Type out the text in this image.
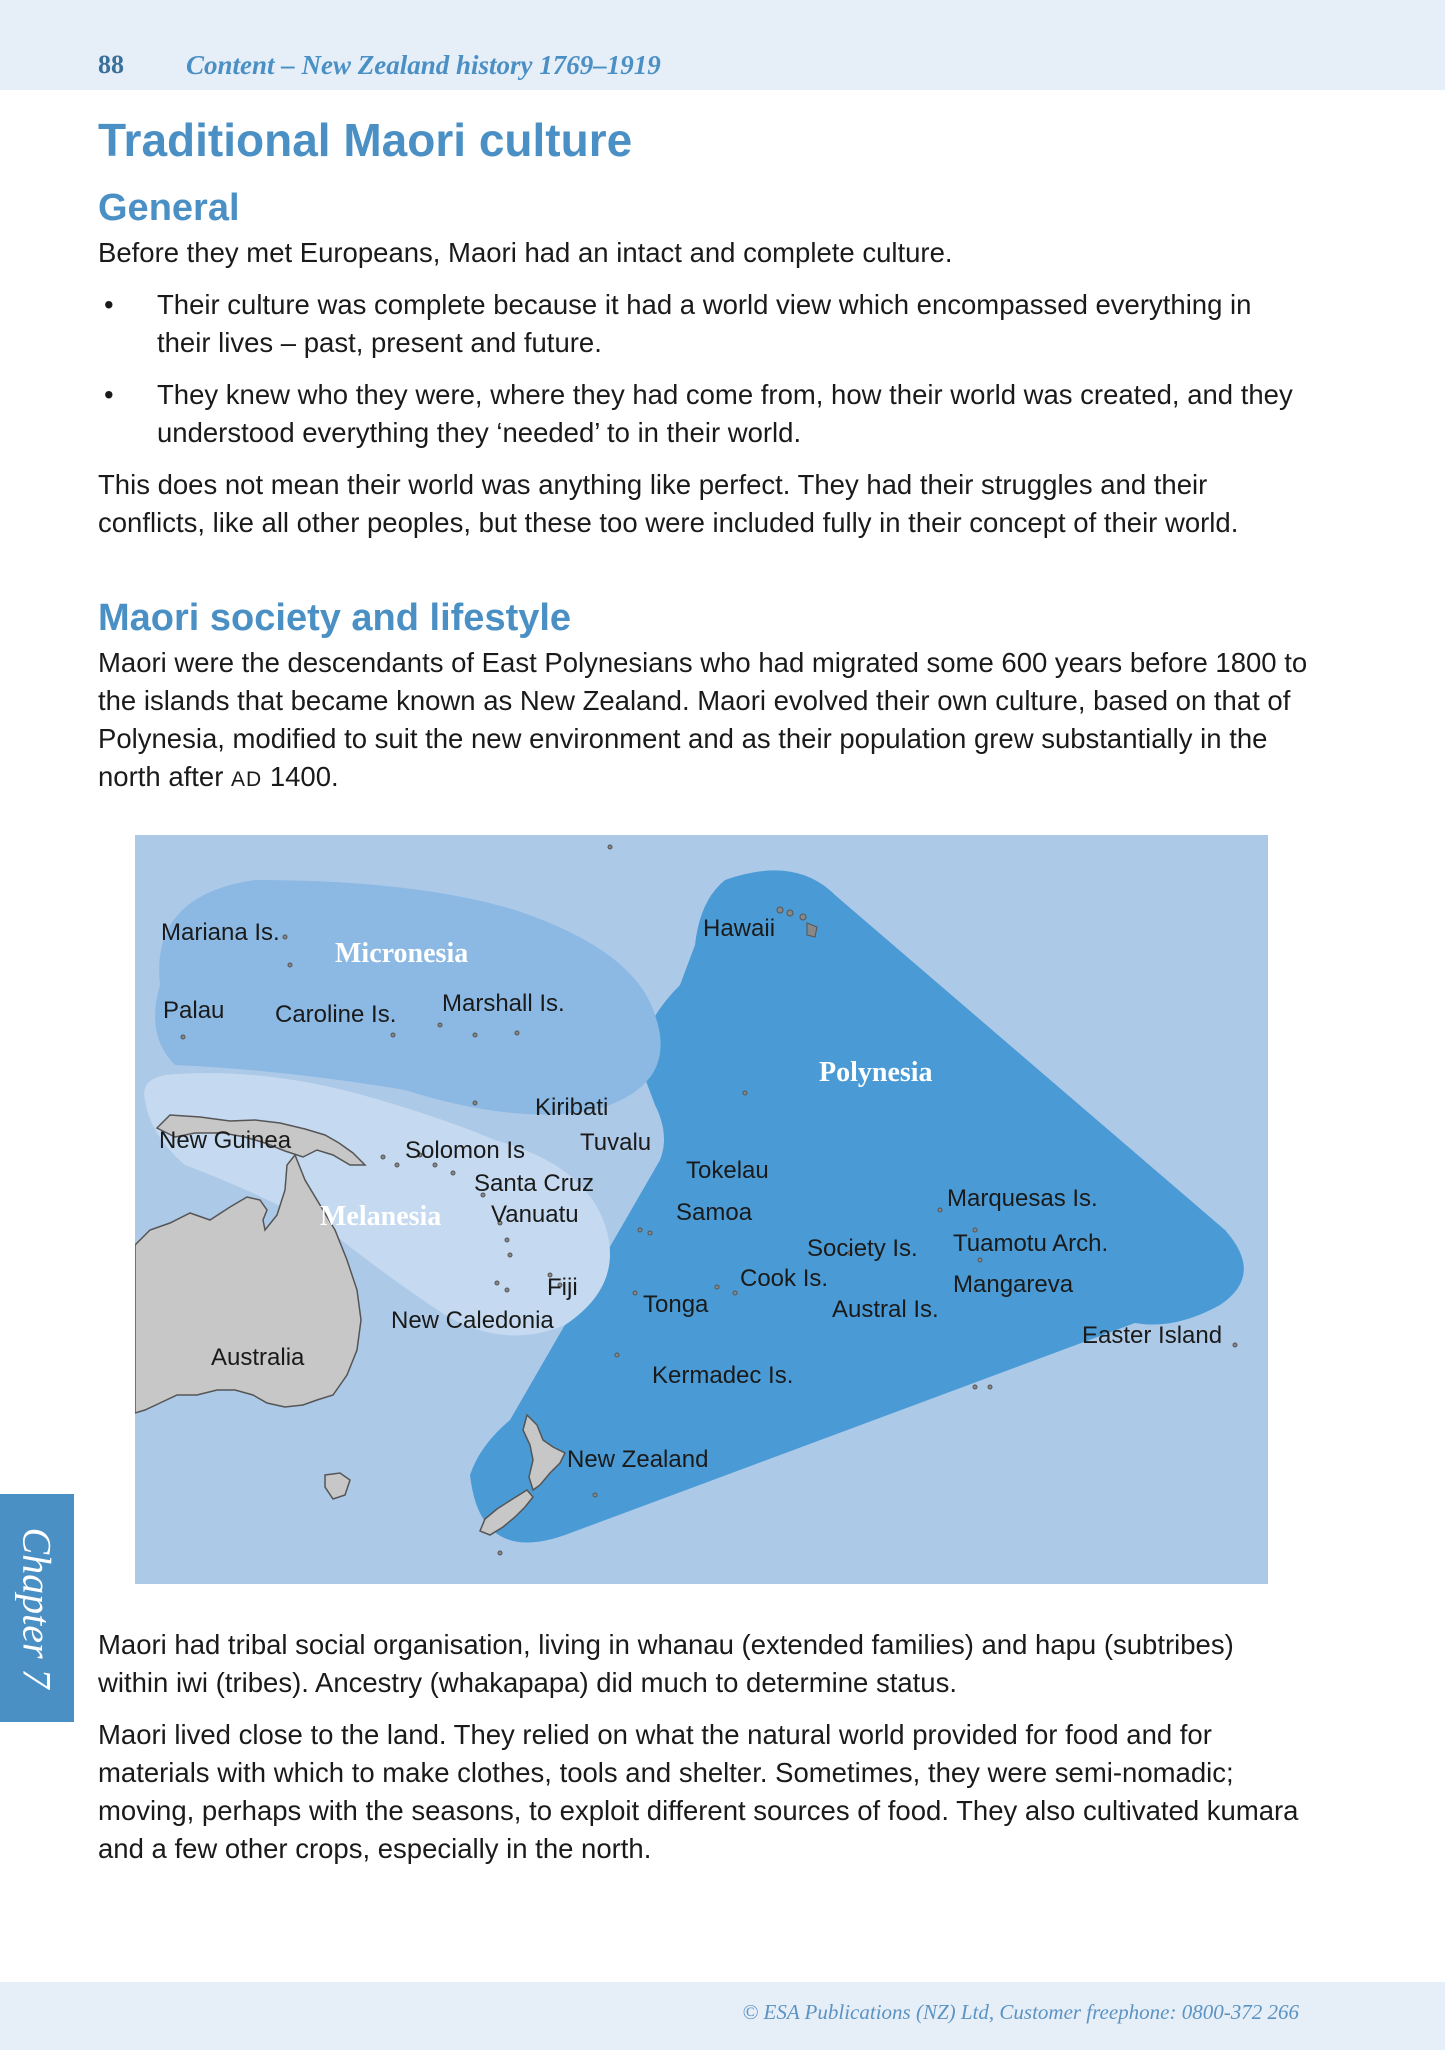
88 Content – New Zealand history 1769–1919
Traditional Maori culture
General

Before they met Europeans, Maori had an intact and complete culture.

• Their culture was complete because it had a world view which encompassed everything in their lives – past, present and future.
• They knew who they were, where they had come from, how their world was created, and they understood everything they ‘needed’ to in their world.

This does not mean their world was anything like perfect. They had their struggles and their conflicts, like all other peoples, but these too were included fully in their concept of their world.

Maori society and lifestyle

Maori were the descendants of East Polynesians who had migrated some 600 years before 1800 to the islands that became known as New Zealand. Maori evolved their own culture, based on that of Polynesia, modified to suit the new environment and as their population grew substantially in the north after AD 1400.

Micronesia
Melanesia
Polynesia
Mariana Is.
Palau Caroline Is. Marshall Is.
Hawaii
Kiribati
New Guinea	Solomon Is Tuvalu
Tokelau
Santa Cruz
Vanuatu	Samoa
Marquesas Is.
Society Is. Tuamotu Arch.
Cook Is.
Fiji	Mangareva
Tonga	Austral Is.
New Caledonia
Easter Island
Australia
Kermadec Is.
New Zealand

Maori had tribal social organisation, living in whanau (extended families) and hapu (subtribes) within iwi (tribes). Ancestry (whakapapa) did much to determine status.

Maori lived close to the land. They relied on what the natural world provided for food and for materials with which to make clothes, tools and shelter. Sometimes, they were semi-nomadic; moving, perhaps with the seasons, to exploit different sources of food. They also cultivated kumara and a few other crops, especially in the north.

Chapter 7
© ESA Publications (NZ) Ltd, Customer freephone: 0800-372 266
